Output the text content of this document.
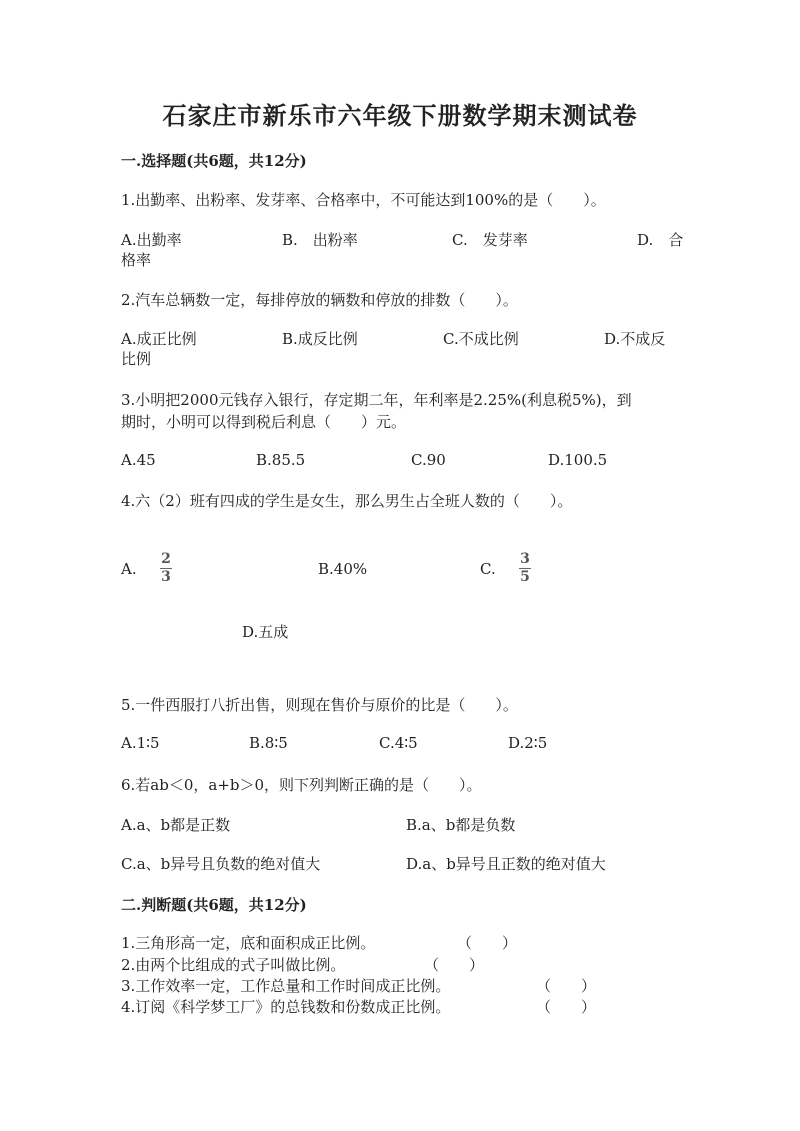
石家庄市新乐市六年级下册数学期末测试卷
一.选择题(共6题，共12分)
1.出勤率、出粉率、发芽率、合格率中，不可能达到100%的是（　　）。
A.出勤率	B.　出粉率	C.　发芽率	D.　合
格率
2.汽车总辆数一定，每排停放的辆数和停放的排数（　　）。
A.成正比例	B.成反比例	C.不成比例	D.不成反
比例
3.小明把2000元钱存入银行，存定期二年，年利率是2.25%(利息税5%)，到
期时，小明可以得到税后利息（　　）元。
A.45	B.85.5	C.90	D.100.5
4.六（2）班有四成的学生是女生，那么男生占全班人数的（　　）。
A.
2
3	B.40%	C.
3
5
D.五成
5.一件西服打八折出售，则现在售价与原价的比是（　　）。
A.1∶5	B.8∶5	C.4∶5	D.2∶5
6.若ab＜0，a+b＞0，则下列判断正确的是（　　）。
A.a、b都是正数	B.a、b都是负数
C.a、b异号且负数的绝对值大	D.a、b异号且正数的绝对值大
二.判断题(共6题，共12分)
1.三角形高一定，底和面积成正比例。	（　　）
2.由两个比组成的式子叫做比例。	（　　）
3.工作效率一定，工作总量和工作时间成正比例。	（　　）
4.订阅《科学梦工厂》的总钱数和份数成正比例。	（　　）
